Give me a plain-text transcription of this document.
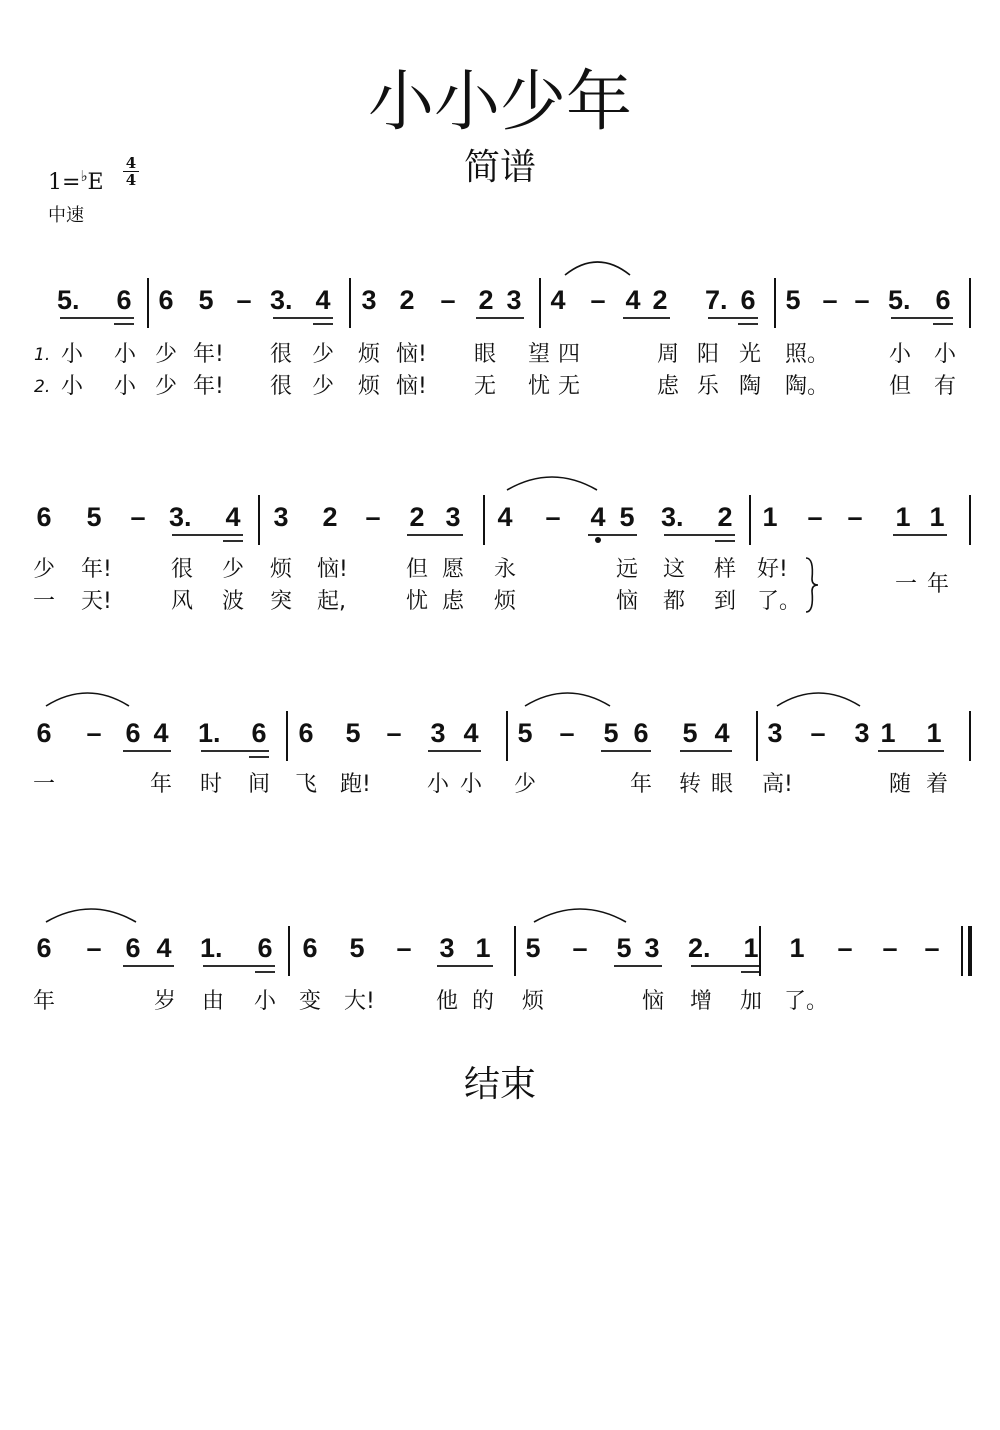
小小少年
简谱
1=♭E
4
4
中速
结束
5.	6 6 5 – 3. 4 3 2 – 2 3 4 – 4 2 7. 6 5 – – 5. 6
1. 小 小 少 年!	很 少 烦 恼!	眼 望 四	周 阳 光 照。	小 小
2. 小 小 少 年!	很 少 烦 恼!	无 忧 无	虑 乐 陶 陶。	但 有
6 5 – 3.	4 3 2 – 2 3 4 – 4 5 3.	2 1 – – 1 1
少 年!	很 少 烦 恼!	但 愿 永	远 这 样 好!
一 天!	风 波 突 起,	忧 虑 烦	恼 都 到 了。
一 年
6 – 6 4 1.	6 6 5 – 3 4 5 – 5 6 5 4 3 – 3 1 1
一	年 时 间 飞 跑!	小 小 少	年 转 眼 高!	随 着
6 – 6 4 1.	6 6 5 – 3 1 5 – 5 3 2.	1 1 – – –
年	岁 由 小 变 大!	他 的 烦	恼 增 加 了。
